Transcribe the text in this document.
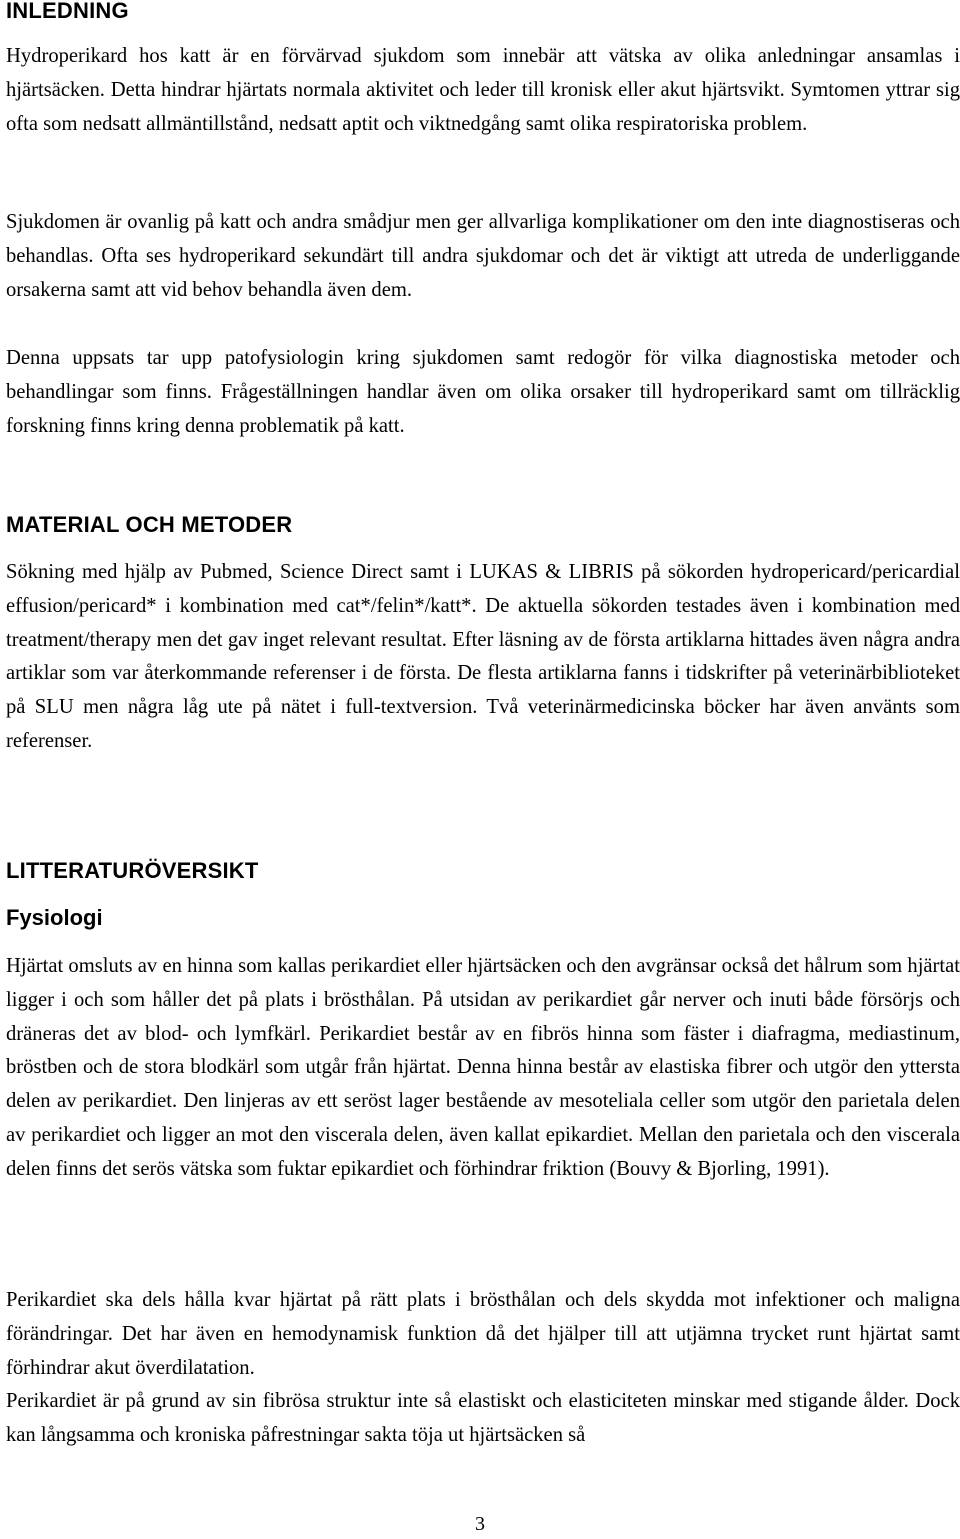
INLEDNING

Hydroperikard hos katt är en förvärvad sjukdom som innebär att vätska av olika anledningar ansamlas i hjärtsäcken. Detta hindrar hjärtats normala aktivitet och leder till kronisk eller akut hjärtsvikt. Symtomen yttrar sig ofta som nedsatt allmäntillstånd, nedsatt aptit och viktnedgång samt olika respiratoriska problem.

Sjukdomen är ovanlig på katt och andra smådjur men ger allvarliga komplikationer om den inte diagnostiseras och behandlas. Ofta ses hydroperikard sekundärt till andra sjukdomar och det är viktigt att utreda de underliggande orsakerna samt att vid behov behandla även dem.

Denna uppsats tar upp patofysiologin kring sjukdomen samt redogör för vilka diagnostiska metoder och behandlingar som finns. Frågeställningen handlar även om olika orsaker till hydroperikard samt om tillräcklig forskning finns kring denna problematik på katt.

MATERIAL OCH METODER

Sökning med hjälp av Pubmed, Science Direct samt i LUKAS & LIBRIS på sökorden hydropericard/pericardial effusion/pericard* i kombination med cat*/felin*/katt*. De aktuella sökorden testades även i kombination med treatment/therapy men det gav inget relevant resultat. Efter läsning av de första artiklarna hittades även några andra artiklar som var återkommande referenser i de första. De flesta artiklarna fanns i tidskrifter på veterinärbiblioteket på SLU men några låg ute på nätet i full-textversion. Två veterinärmedicinska böcker har även använts som referenser.

LITTERATURÖVERSIKT
Fysiologi

Hjärtat omsluts av en hinna som kallas perikardiet eller hjärtsäcken och den avgränsar också det hålrum som hjärtat ligger i och som håller det på plats i brösthålan. På utsidan av perikardiet går nerver och inuti både försörjs och dräneras det av blod- och lymfkärl. Perikardiet består av en fibrös hinna som fäster i diafragma, mediastinum, bröstben och de stora blodkärl som utgår från hjärtat. Denna hinna består av elastiska fibrer och utgör den yttersta delen av perikardiet. Den linjeras av ett seröst lager bestående av mesoteliala celler som utgör den parietala delen av perikardiet och ligger an mot den viscerala delen, även kallat epikardiet. Mellan den parietala och den viscerala delen finns det serös vätska som fuktar epikardiet och förhindrar friktion (Bouvy & Bjorling, 1991).

Perikardiet ska dels hålla kvar hjärtat på rätt plats i brösthålan och dels skydda mot infektioner och maligna förändringar. Det har även en hemodynamisk funktion då det hjälper till att utjämna trycket runt hjärtat samt förhindrar akut överdilatation.

Perikardiet är på grund av sin fibrösa struktur inte så elastiskt och elasticiteten minskar med stigande ålder. Dock kan långsamma och kroniska påfrestningar sakta töja ut hjärtsäcken så

3
